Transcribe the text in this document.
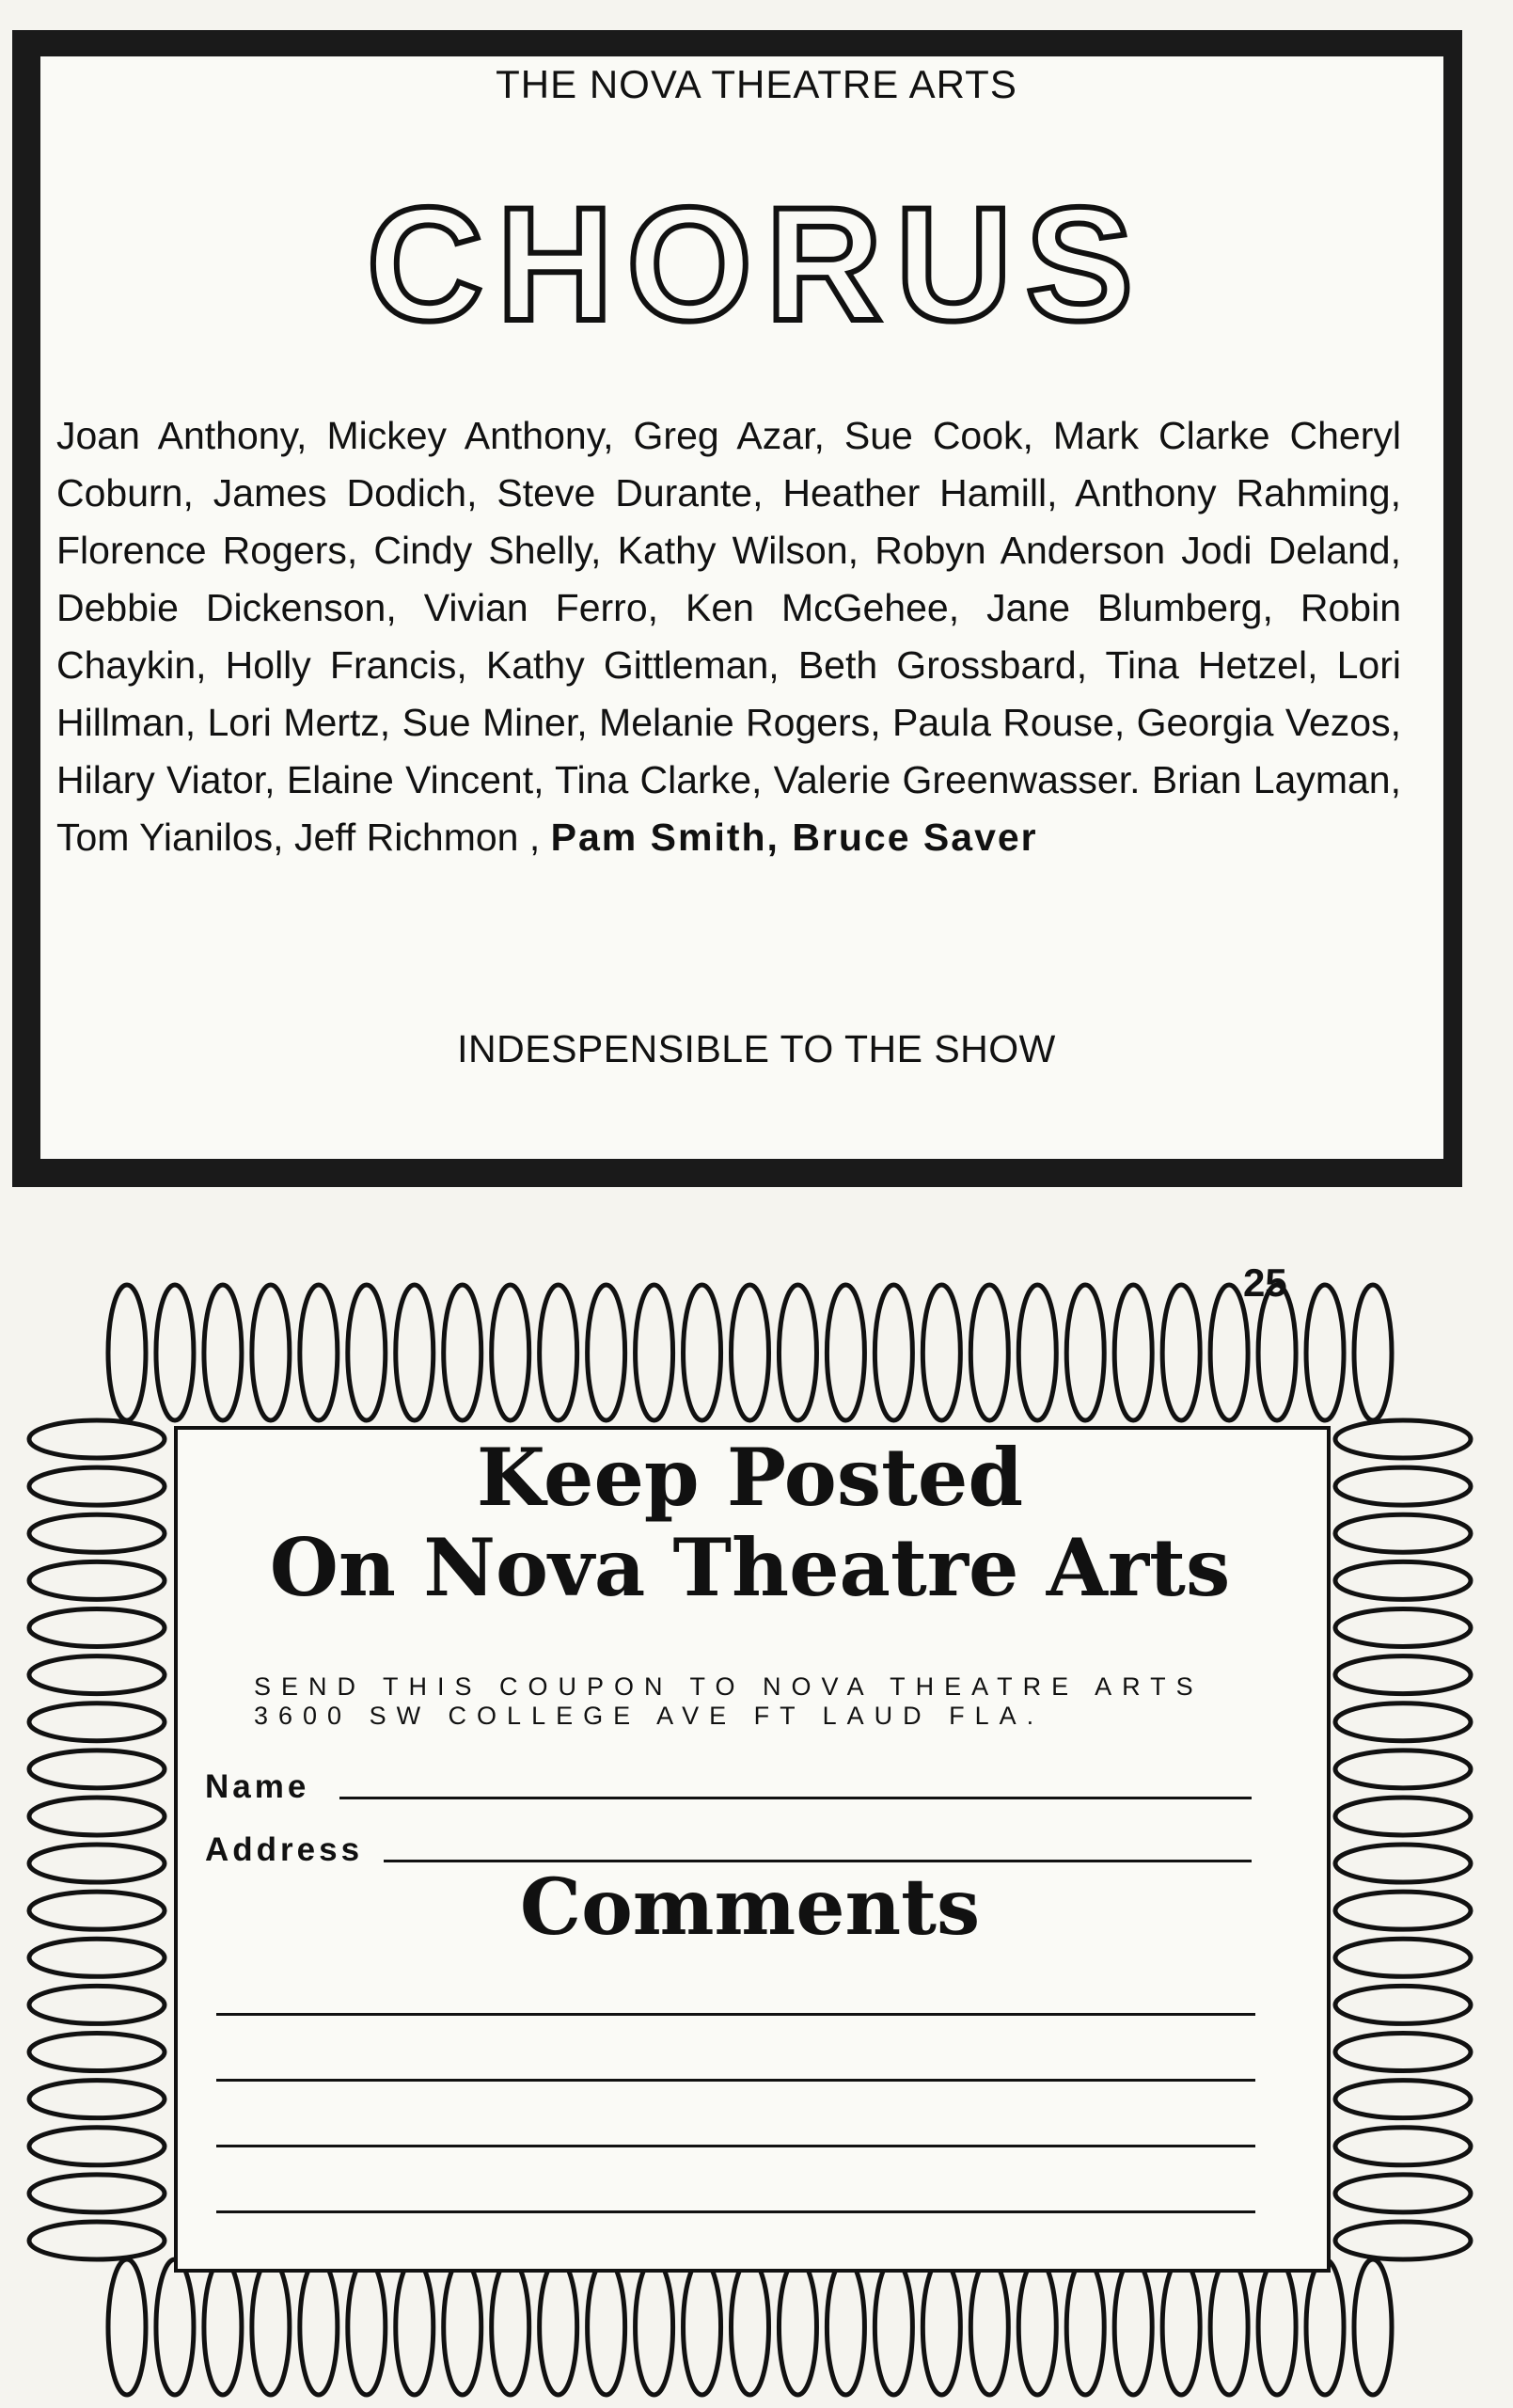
THE NOVA THEATRE ARTS
CHORUS

Joan Anthony, Mickey Anthony, Greg Azar, Sue Cook, Mark Clarke Cheryl Coburn, James Dodich, Steve Durante, Heather Hamill, Anthony Rahming, Florence Rogers, Cindy Shelly, Kathy Wilson, Robyn Anderson Jodi Deland, Debbie Dickenson, Vivian Ferro, Ken McGehee, Jane Blumberg, Robin Chaykin, Holly Francis, Kathy Gittleman, Beth Grossbard, Tina Hetzel, Lori Hillman, Lori Mertz, Sue Miner, Melanie Rogers, Paula Rouse, Georgia Vezos, Hilary Viator, Elaine Vincent, Tina Clarke, Valerie Greenwasser. Brian Layman, Tom Yianilos, Jeff Richmon , Pam Smith, Bruce Saver

INDESPENSIBLE TO THE SHOW
Keep Posted
On Nova Theatre Arts

SEND THIS COUPON TO NOVA THEATRE ARTS
3600 SW COLLEGE AVE FT LAUD FLA.

Name
Address
Comments
25
